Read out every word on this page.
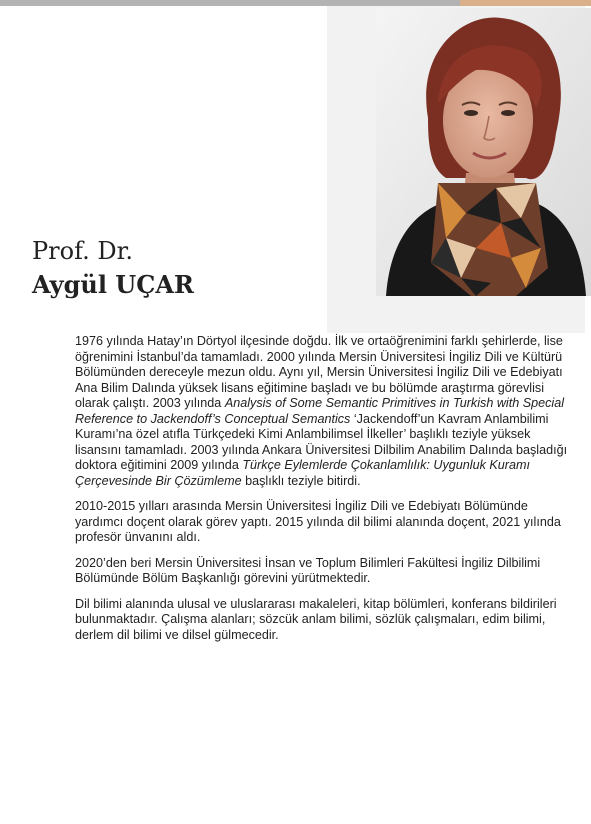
Prof. Dr.
Aygül UÇAR

1976 yılında Hatay’ın Dörtyol ilçesinde doğdu. İlk ve ortaöğrenimini farklı şehirlerde, lise öğrenimini İstanbul’da tamamladı. 2000 yılında Mersin Üniversitesi İngiliz Dili ve Kültürü Bölümünden dereceyle mezun oldu. Aynı yıl, Mersin Üniversitesi İngiliz Dili ve Edebiyatı Ana Bilim Dalında yüksek lisans eğitimine başladı ve bu bölümde araştırma görevlisi olarak çalıştı. 2003 yılında Analysis of Some Semantic Primitives in Turkish with Special Reference to Jackendoff’s Conceptual Semantics ‘Jackendoff’un Kavram Anlambilimi Kuramı’na özel atıfla Türkçedeki Kimi Anlambilimsel İlkeller’ başlıklı teziyle yüksek lisansını tamamladı. 2003 yılında Ankara Üniversitesi Dilbilim Anabilim Dalında başladığı doktora eğitimini 2009 yılında Türkçe Eylemlerde Çokanlamlılık: Uygunluk Kuramı Çerçevesinde Bir Çözümleme başlıklı teziyle bitirdi.

2010-2015 yılları arasında Mersin Üniversitesi İngiliz Dili ve Edebiyatı Bölümünde yardımcı doçent olarak görev yaptı. 2015 yılında dil bilimi alanında doçent, 2021 yılında profesör ünvanını aldı.

2020’den beri Mersin Üniversitesi İnsan ve Toplum Bilimleri Fakültesi İngiliz Dilbilimi Bölümünde Bölüm Başkanlığı görevini yürütmektedir.

Dil bilimi alanında ulusal ve uluslararası makaleleri, kitap bölümleri, konferans bildirileri bulunmaktadır. Çalışma alanları; sözcük anlam bilimi, sözlük çalışmaları, edim bilimi, derlem dil bilimi ve dilsel gülmecedir.
